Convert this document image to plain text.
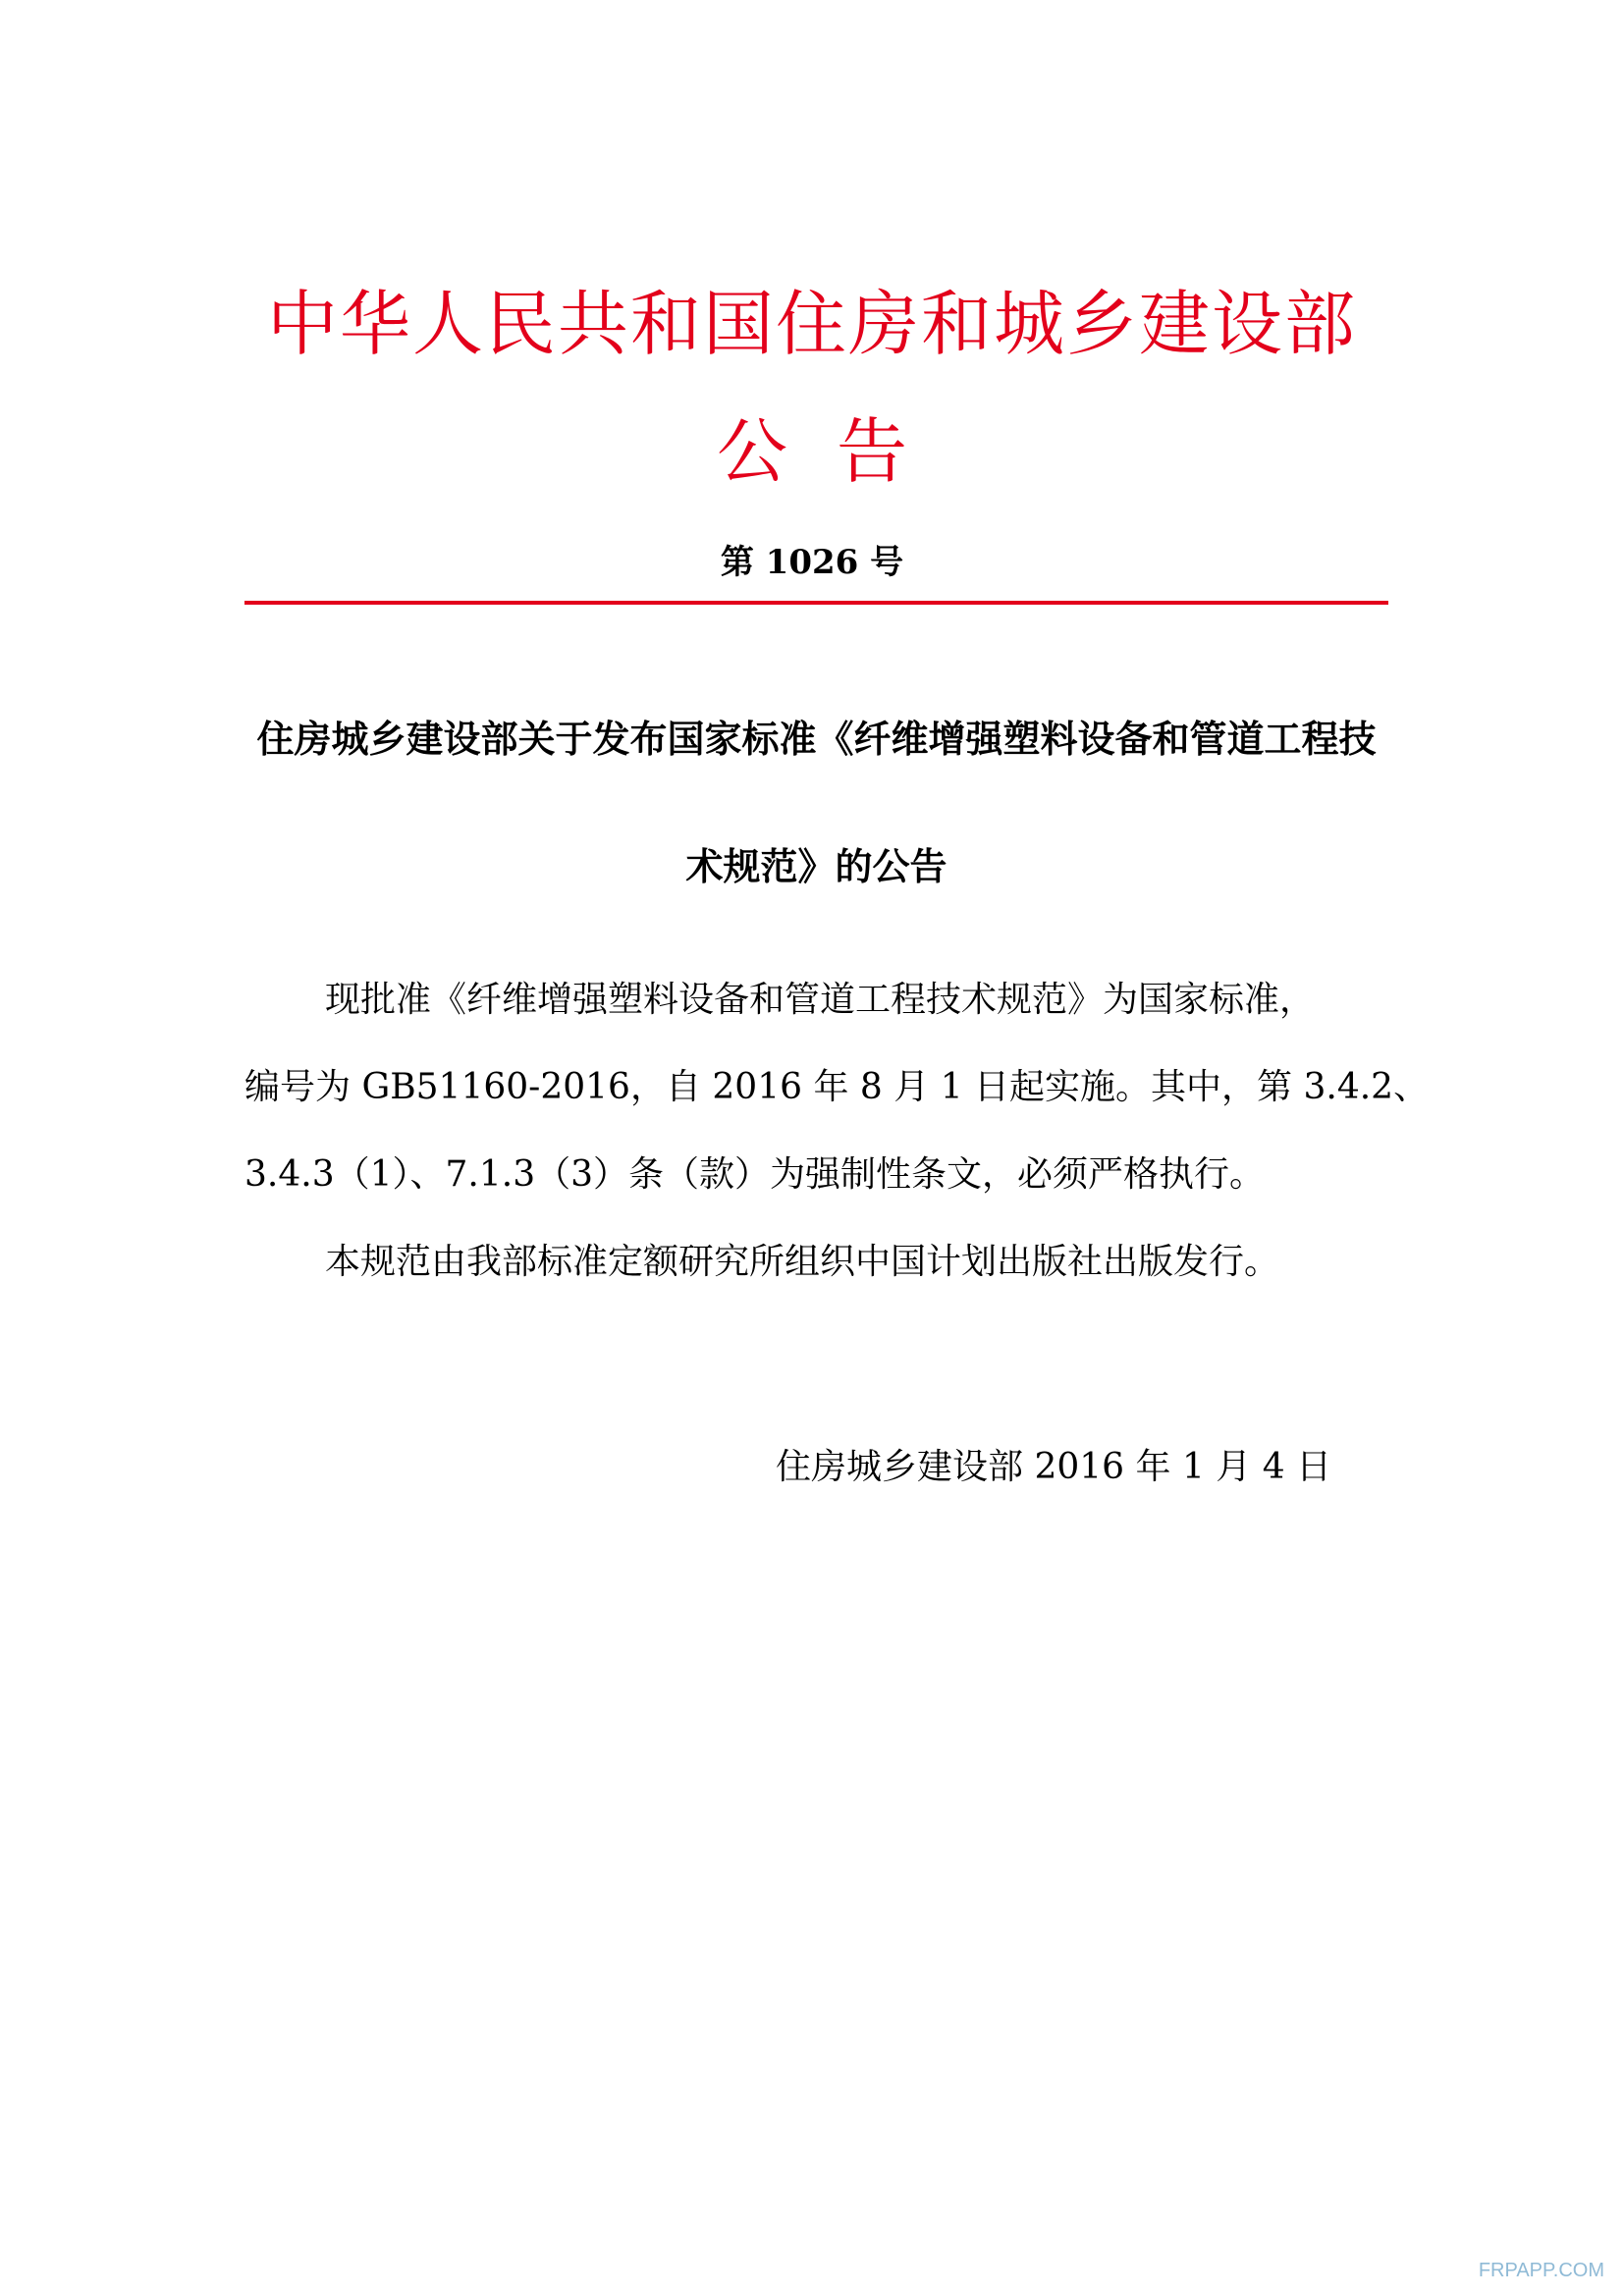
中华人民共和国住房和城乡建设部
公告
第 1026 号
住房城乡建设部关于发布国家标准《纤维增强塑料设备和管道工程技
术规范》的公告
现批准《纤维增强塑料设备和管道工程技术规范》为国家标准，
编号为 GB51160-2016，自 2016 年 8 月 1 日起实施。其中，第 3.4.2、
3.4.3（1）、7.1.3（3）条（款）为强制性条文，必须严格执行。
本规范由我部标准定额研究所组织中国计划出版社出版发行。
住房城乡建设部 2016 年 1 月 4 日
FRPAPP.COM
